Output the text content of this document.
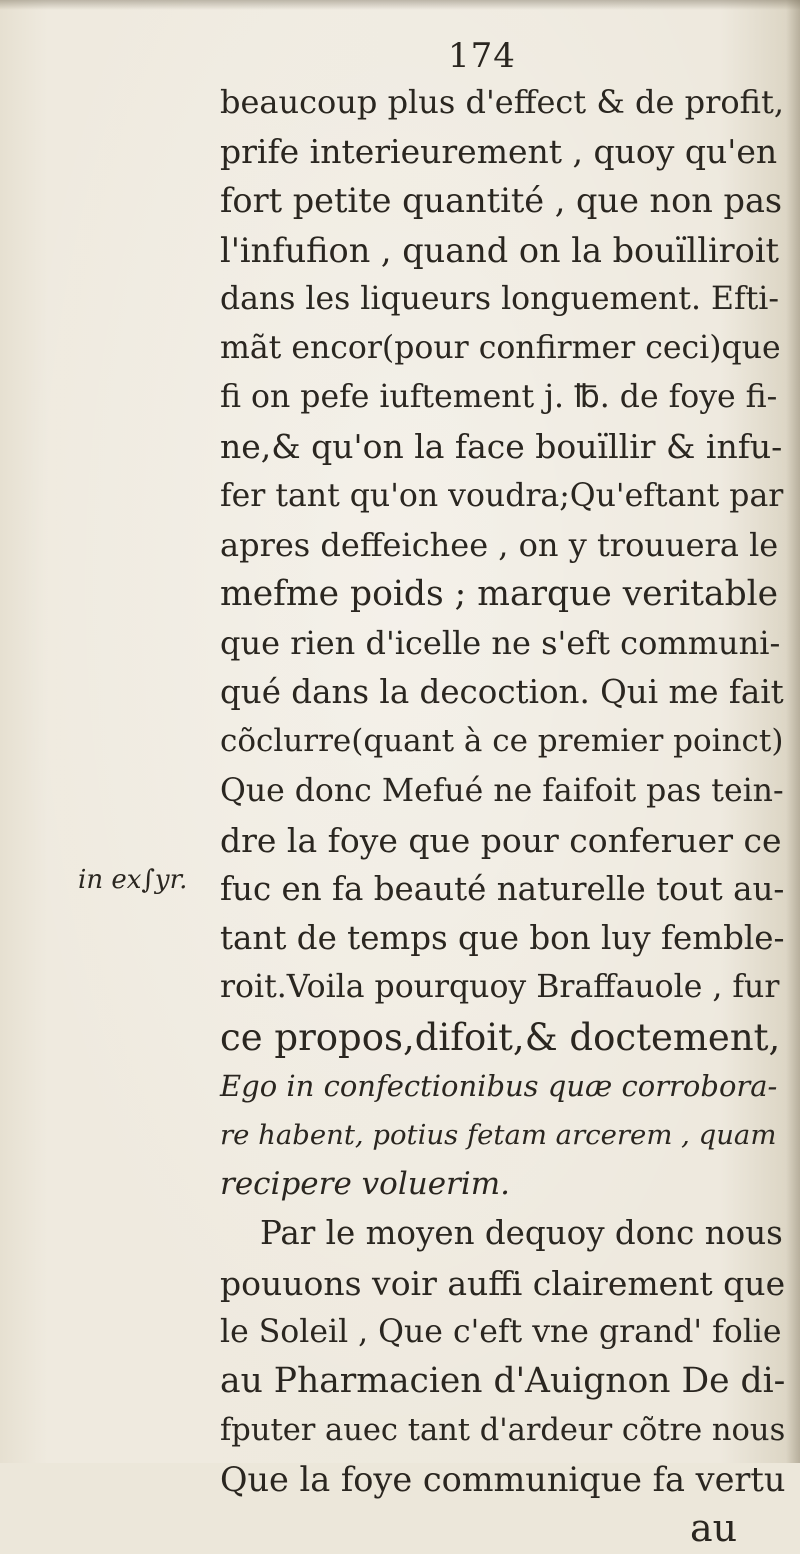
174
in ex∫yr.
beaucoup plus d'effect & de profit,
prife interieurement , quoy qu'en
fort petite quantité , que non pas
l'infufion , quand on la bouïlliroit
dans les liqueurs longuement. Efti-
mãt encor(pour confirmer ceci)que
fi on pefe iuftement j. ℔. de foye fi-
ne,& qu'on la face bouïllir & infu-
fer tant qu'on voudra;Qu'eftant par
apres deffeichee , on y trouuera le
mefme poids ; marque veritable
que rien d'icelle ne s'eft communi-
qué dans la decoction. Qui me fait
cõclurre(quant à ce premier poinct)
Que donc Mefué ne faifoit pas tein-
dre la foye que pour conferuer ce
fuc en fa beauté naturelle tout au-
tant de temps que bon luy femble-
roit.Voila pourquoy Braffauole , fur
ce propos,difoit,& doctement,
Ego in confectionibus quæ corrobora-
re habent, potius fetam arcerem , quam
recipere voluerim.
Par le moyen dequoy donc nous
pouuons voir auffi clairement que
le Soleil , Que c'eft vne grand' folie
au Pharmacien d'Auignon De di-
fputer auec tant d'ardeur cõtre nous
Que la foye communique fa vertu
au
